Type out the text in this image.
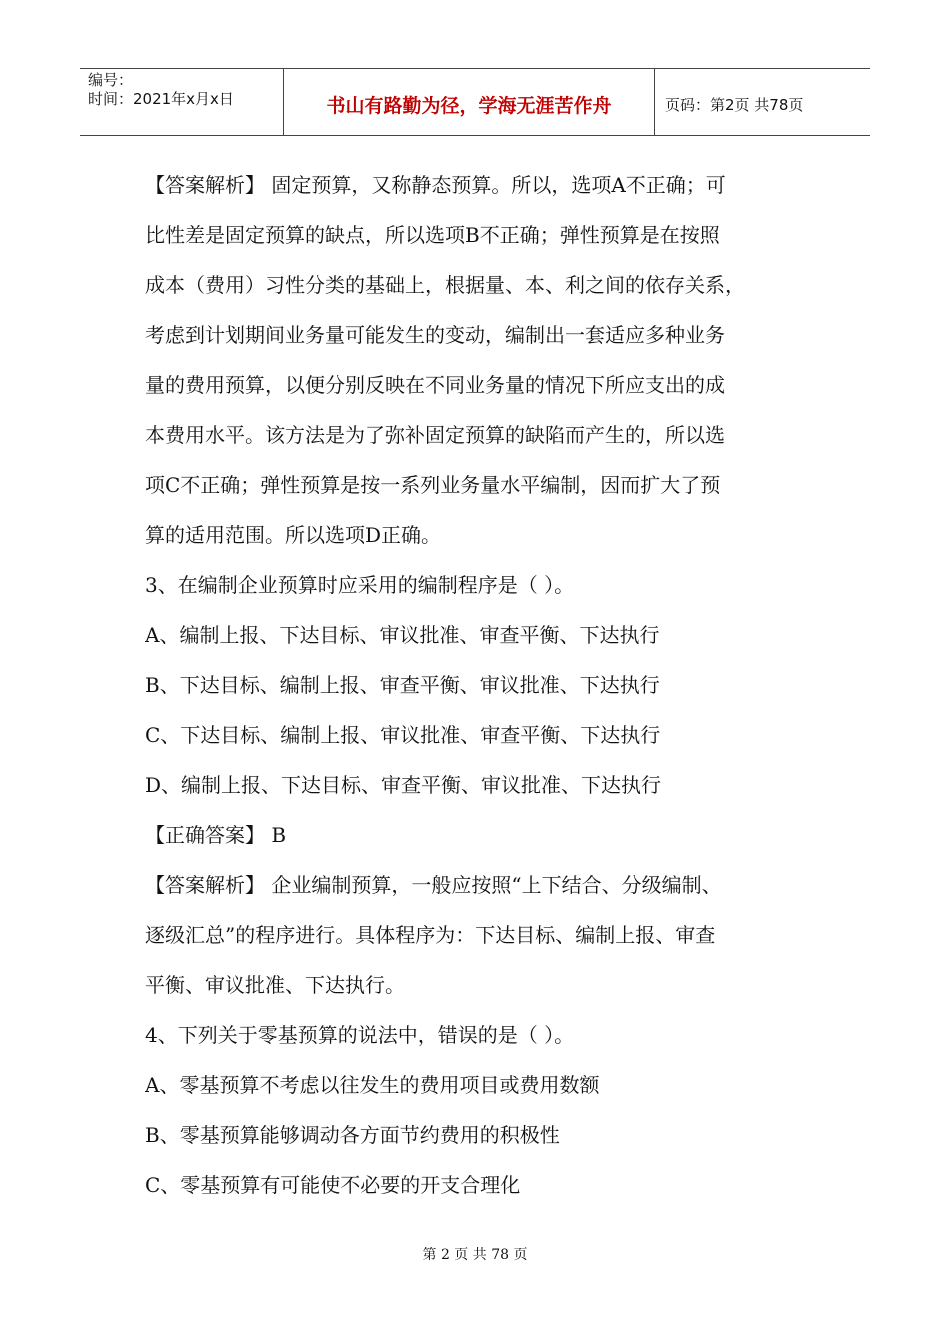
编号：
时间：2021年x月x日	书山有路勤为径，学海无涯苦作舟	页码：第2页 共78页
【答案解析】 固定预算，又称静态预算。所以，选项A不正确；可
比性差是固定预算的缺点，所以选项B不正确；弹性预算是在按照
成本（费用）习性分类的基础上，根据量、本、利之间的依存关系，
考虑到计划期间业务量可能发生的变动，编制出一套适应多种业务
量的费用预算，以便分别反映在不同业务量的情况下所应支出的成
本费用水平。该方法是为了弥补固定预算的缺陷而产生的，所以选
项C不正确；弹性预算是按一系列业务量水平编制，因而扩大了预
算的适用范围。所以选项D正确。
3、在编制企业预算时应采用的编制程序是（ ）。
A、编制上报、下达目标、审议批准、审查平衡、下达执行
B、下达目标、编制上报、审查平衡、审议批准、下达执行
C、下达目标、编制上报、审议批准、审查平衡、下达执行
D、编制上报、下达目标、审查平衡、审议批准、下达执行
【正确答案】 B
【答案解析】 企业编制预算，一般应按照“上下结合、分级编制、
逐级汇总”的程序进行。具体程序为：下达目标、编制上报、审查
平衡、审议批准、下达执行。
4、下列关于零基预算的说法中，错误的是（ ）。
A、零基预算不考虑以往发生的费用项目或费用数额
B、零基预算能够调动各方面节约费用的积极性
C、零基预算有可能使不必要的开支合理化
第 2 页 共 78 页
